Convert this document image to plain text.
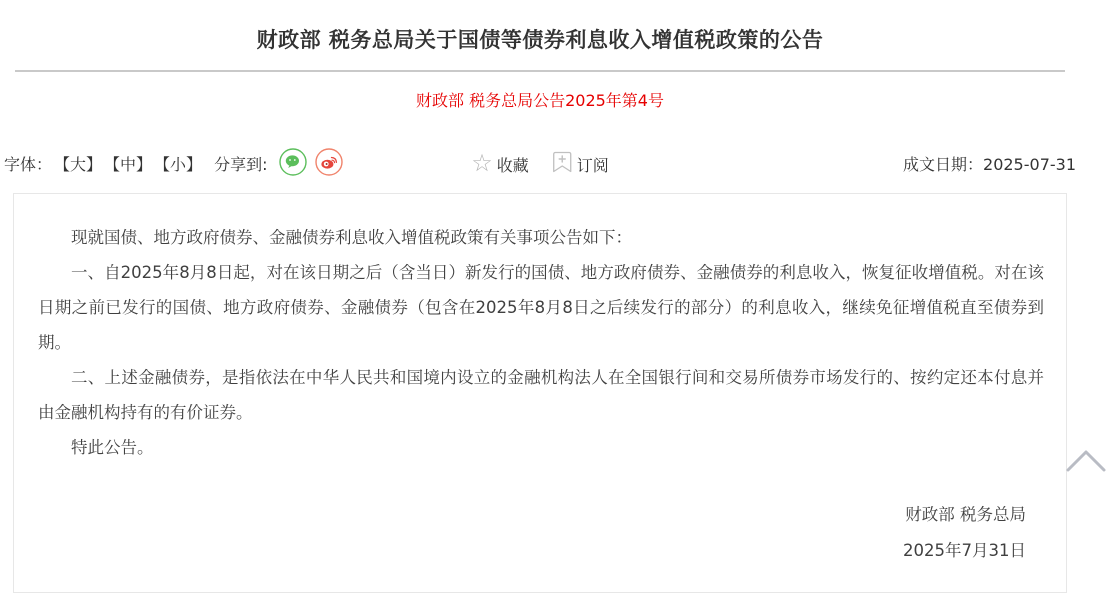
财政部 税务总局关于国债等债券利息收入增值税政策的公告
财政部 税务总局公告2025年第4号
字体： 【大】 【中】 【小】 分享到:	☆ 收藏	订阅	成文日期：2025-07-31

现就国债、地方政府债券、金融债券利息收入增值税政策有关事项公告如下：

一、自2025年8月8日起，对在该日期之后（含当日）新发行的国债、地方政府债券、金融债券的利息收入，恢复征收增值税。对在该日期之前已发行的国债、地方政府债券、金融债券（包含在2025年8月8日之后续发行的部分）的利息收入，继续免征增值税直至债券到期。

二、上述金融债券，是指依法在中华人民共和国境内设立的金融机构法人在全国银行间和交易所债券市场发行的、按约定还本付息并由金融机构持有的有价证券。

特此公告。

财政部 税务总局
2025年7月31日
